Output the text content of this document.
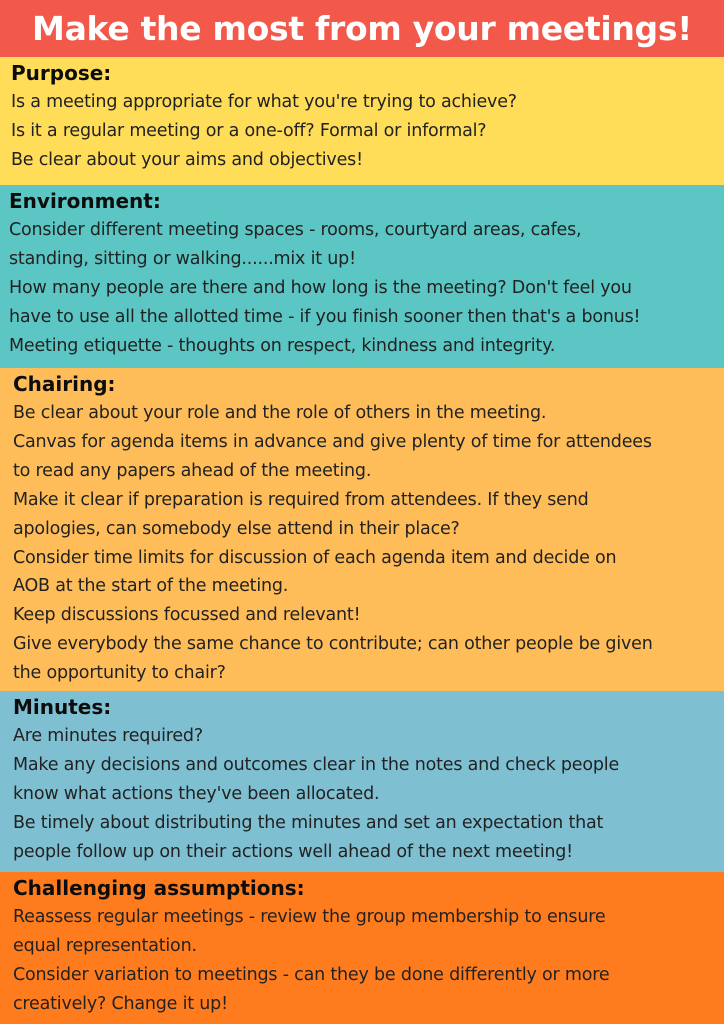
Make the most from your meetings!
Purpose:
Is a meeting appropriate for what you're trying to achieve?
Is it a regular meeting or a one-off? Formal or informal?
Be clear about your aims and objectives!
Environment:
Consider different meeting spaces - rooms, courtyard areas, cafes,
standing, sitting or walking......mix it up!
How many people are there and how long is the meeting? Don't feel you
have to use all the allotted time - if you finish sooner then that's a bonus!
Meeting etiquette - thoughts on respect, kindness and integrity.
Chairing:
Be clear about your role and the role of others in the meeting.
Canvas for agenda items in advance and give plenty of time for attendees
to read any papers ahead of the meeting.
Make it clear if preparation is required from attendees. If they send
apologies, can somebody else attend in their place?
Consider time limits for discussion of each agenda item and decide on
AOB at the start of the meeting.
Keep discussions focussed and relevant!
Give everybody the same chance to contribute; can other people be given
the opportunity to chair?
Minutes:
Are minutes required?
Make any decisions and outcomes clear in the notes and check people
know what actions they've been allocated.
Be timely about distributing the minutes and set an expectation that
people follow up on their actions well ahead of the next meeting!
Challenging assumptions:
Reassess regular meetings - review the group membership to ensure
equal representation.
Consider variation to meetings - can they be done differently or more
creatively? Change it up!
